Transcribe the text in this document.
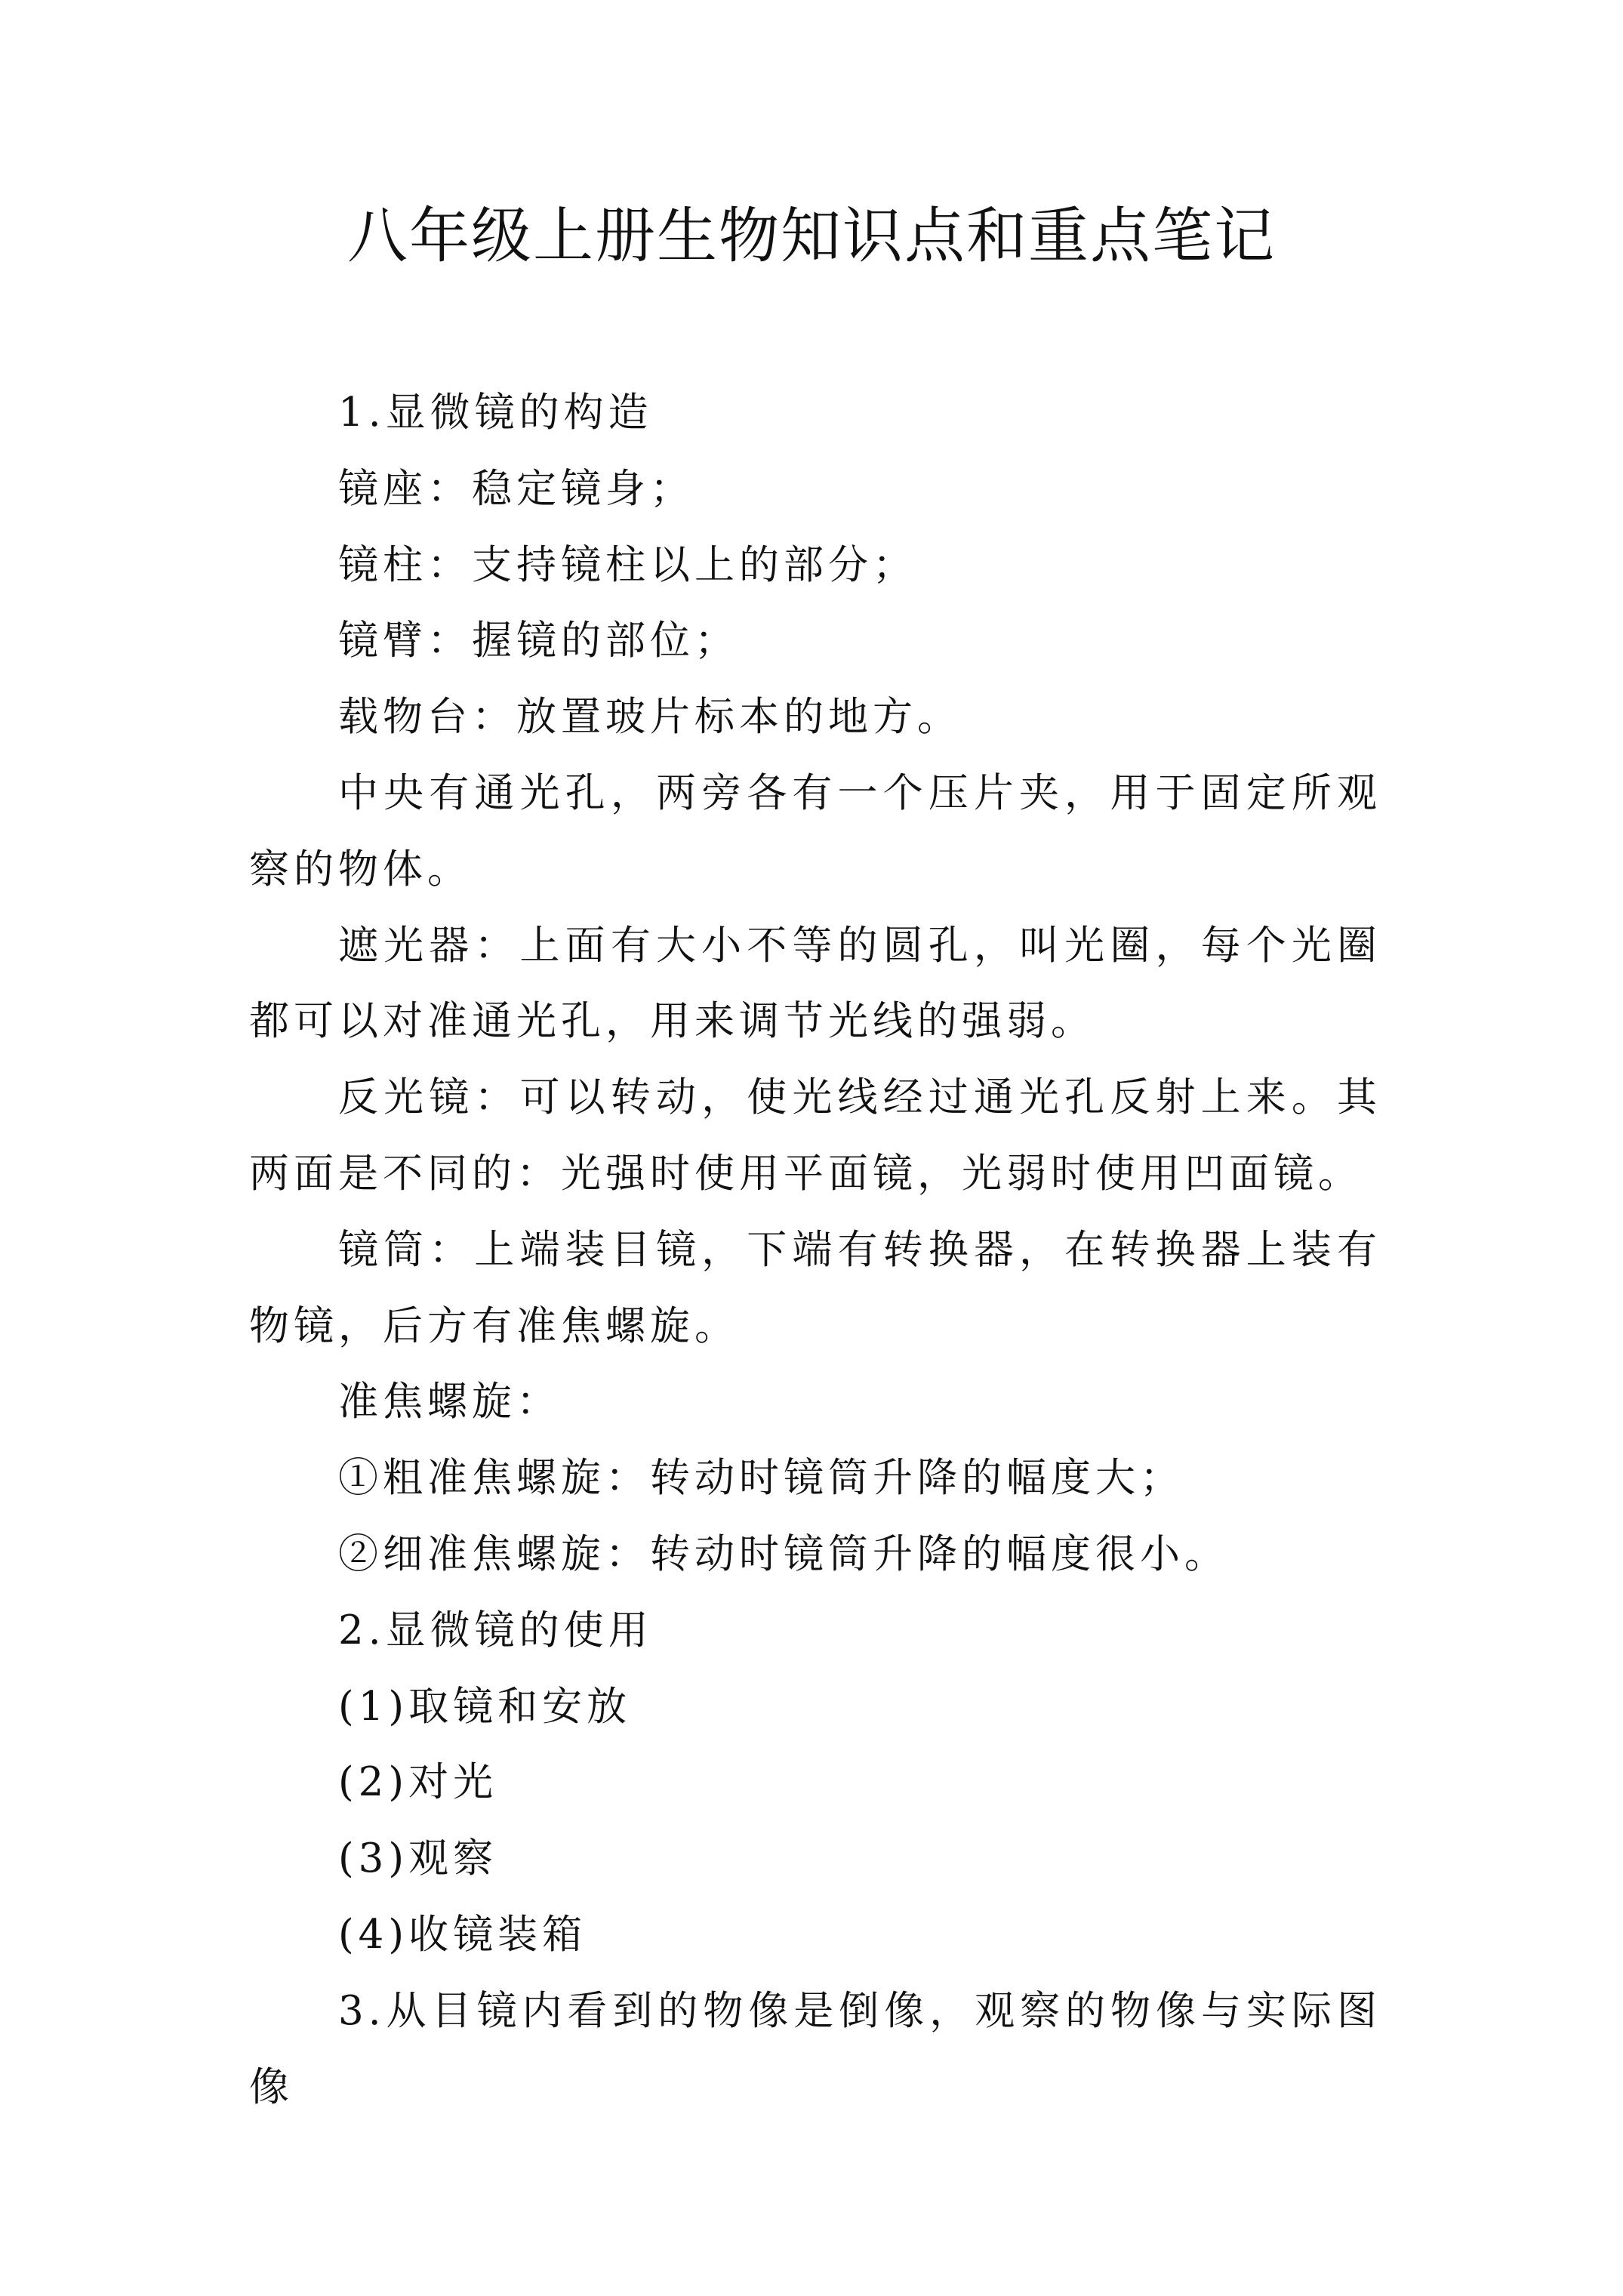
八年级上册生物知识点和重点笔记

1.显微镜的构造

镜座：稳定镜身；

镜柱：支持镜柱以上的部分；

镜臂：握镜的部位；

载物台：放置玻片标本的地方。

中央有通光孔，两旁各有一个压片夹，用于固定所观察的物体。

遮光器：上面有大小不等的圆孔，叫光圈，每个光圈都可以对准通光孔，用来调节光线的强弱。

反光镜：可以转动，使光线经过通光孔反射上来。其两面是不同的：光强时使用平面镜，光弱时使用凹面镜。

镜筒：上端装目镜，下端有转换器，在转换器上装有物镜，后方有准焦螺旋。

准焦螺旋：

①粗准焦螺旋：转动时镜筒升降的幅度大；

②细准焦螺旋：转动时镜筒升降的幅度很小。

2.显微镜的使用

(1)取镜和安放

(2)对光

(3)观察

(4)收镜装箱

3.从目镜内看到的物像是倒像，观察的物像与实际图像
